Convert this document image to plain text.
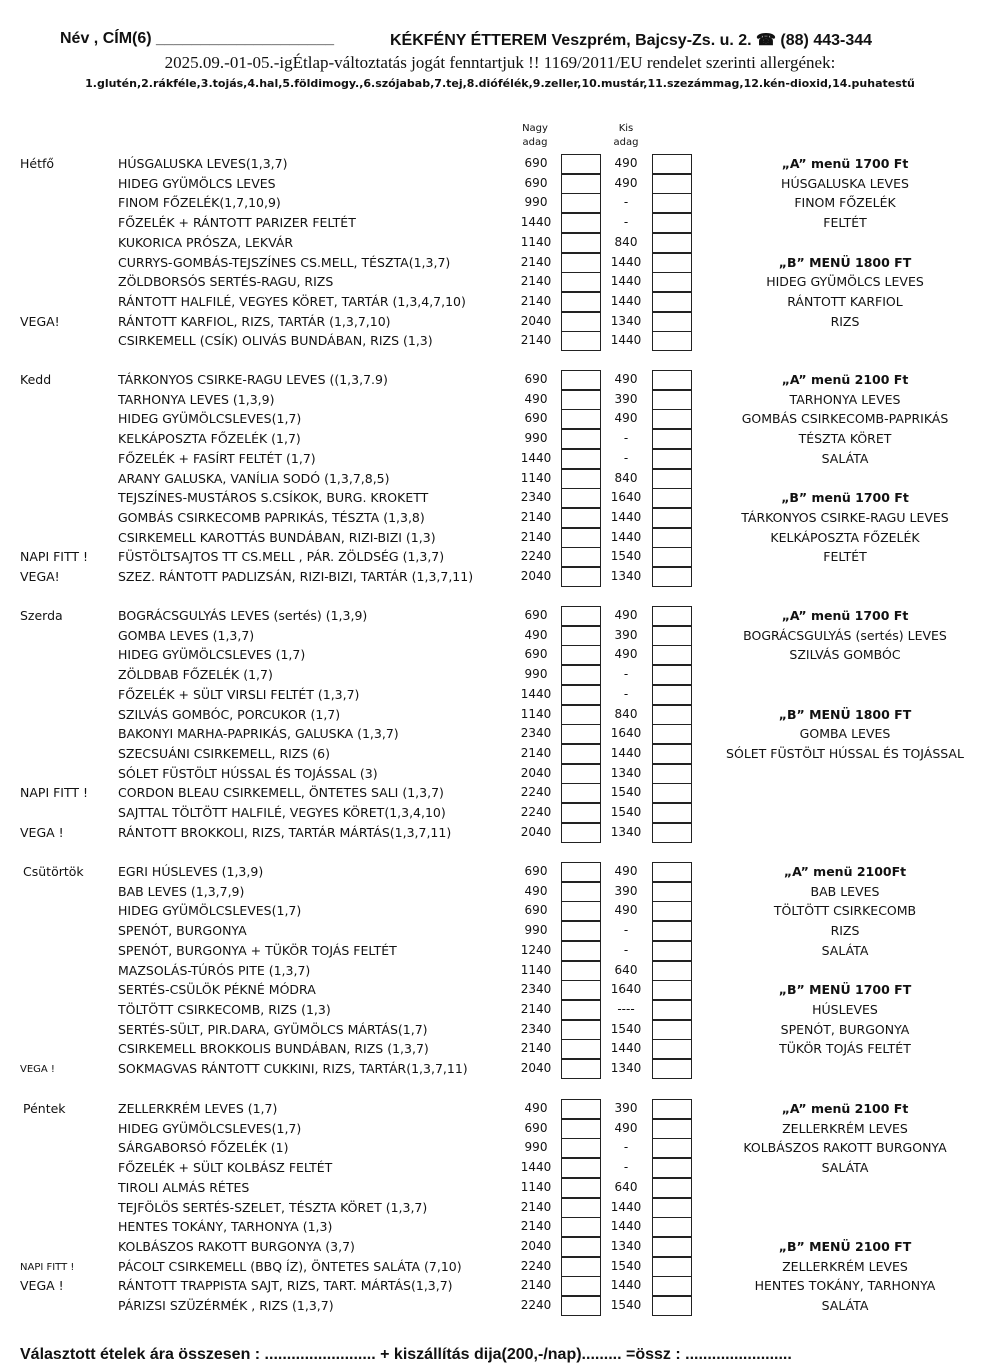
Név , CÍM(6) ____________________	KÉKFÉNY ÉTTEREM Veszprém, Bajcsy-Zs. u. 2. ☎ (88) 443-344
2025.09.-01-05.-igÉtlap-változtatás jogát fenntartjuk !! 1169/2011/EU rendelet szerinti allergének:
1.glutén,2.rákféle,3.tojás,4.hal,5.földimogy.,6.szójabab,7.tej,8.diófélék,9.zeller,10.mustár,11.szezámmag,12.kén-dioxid,14.puhatestű
Nagy adag
Kis adag
Hétfő	HÚSGALUSKA LEVES(1,3,7)	690	490
HIDEG GYÜMÖLCS LEVES	690	490
FINOM FŐZELÉK(1,7,10,9)	990	-
FŐZELÉK + RÁNTOTT PARIZER FELTÉT	1440	-
KUKORICA PRÓSZA, LEKVÁR	1140	840
CURRYS-GOMBÁS-TEJSZÍNES CS.MELL, TÉSZTA(1,3,7)	2140	1440
ZÖLDBORSÓS SERTÉS-RAGU, RIZS	2140	1440
RÁNTOTT HALFILÉ, VEGYES KÖRET, TARTÁR (1,3,4,7,10)	2140	1440
VEGA!	RÁNTOTT KARFIOL, RIZS, TARTÁR (1,3,7,10)	2040	1340
CSIRKEMELL (CSÍK) OLIVÁS BUNDÁBAN, RIZS (1,3)	2140	1440
„A” menü 1700 Ft
HÚSGALUSKA LEVES
FINOM FŐZELÉK
FELTÉT
„B” MENÜ 1800 FT
HIDEG GYÜMÖLCS LEVES
RÁNTOTT KARFIOL
RIZS
Kedd	TÁRKONYOS CSIRKE-RAGU LEVES ((1,3,7.9)	690	490
TARHONYA LEVES (1,3,9)	490	390
HIDEG GYÜMÖLCSLEVES(1,7)	690	490
KELKÁPOSZTA FŐZELÉK (1,7)	990	-
FŐZELÉK + FASÍRT FELTÉT (1,7)	1440	-
ARANY GALUSKA, VANÍLIA SODÓ (1,3,7,8,5)	1140	840
TEJSZÍNES-MUSTÁROS S.CSÍKOK, BURG. KROKETT	2340	1640
GOMBÁS CSIRKECOMB PAPRIKÁS, TÉSZTA (1,3,8)	2140	1440
CSIRKEMELL KAROTTÁS BUNDÁBAN, RIZI-BIZI (1,3)	2140	1440
NAPI FITT ! FÜSTÖLTSAJTOS TT CS.MELL , PÁR. ZÖLDSÉG (1,3,7)	2240	1540
VEGA!	SZEZ. RÁNTOTT PADLIZSÁN, RIZI-BIZI, TARTÁR (1,3,7,11)	2040	1340
„A” menü 2100 Ft
TARHONYA LEVES
GOMBÁS CSIRKECOMB-PAPRIKÁS
TÉSZTA KÖRET
SALÁTA
„B” menü 1700 Ft
TÁRKONYOS CSIRKE-RAGU LEVES
KELKÁPOSZTA FŐZELÉK
FELTÉT
Szerda	BOGRÁCSGULYÁS LEVES (sertés) (1,3,9)	690	490
GOMBA LEVES (1,3,7)	490	390
HIDEG GYÜMÖLCSLEVES (1,7)	690	490
ZÖLDBAB FŐZELÉK (1,7)	990	-
FŐZELÉK + SÜLT VIRSLI FELTÉT (1,3,7)	1440	-
SZILVÁS GOMBÓC, PORCUKOR (1,7)	1140	840
BAKONYI MARHA-PAPRIKÁS, GALUSKA (1,3,7)	2340	1640
SZECSUÁNI CSIRKEMELL, RIZS (6)	2140	1440
SÓLET FÜSTÖLT HÚSSAL ÉS TOJÁSSAL (3)	2040	1340
NAPI FITT ! CORDON BLEAU CSIRKEMELL, ÖNTETES SALI (1,3,7)	2240	1540
SAJTTAL TÖLTÖTT HALFILÉ, VEGYES KÖRET(1,3,4,10)	2240	1540
VEGA !	RÁNTOTT BROKKOLI, RIZS, TARTÁR MÁRTÁS(1,3,7,11)	2040	1340
„A” menü 1700 Ft
BOGRÁCSGULYÁS (sertés) LEVES
SZILVÁS GOMBÓC
„B” MENÜ 1800 FT
GOMBA LEVES
SÓLET FÜSTÖLT HÚSSAL ÉS TOJÁSSAL
Csütörtök	EGRI HÚSLEVES (1,3,9)	690	490
BAB LEVES (1,3,7,9)	490	390
HIDEG GYÜMÖLCSLEVES(1,7)	690	490
SPENÓT, BURGONYA	990	-
SPENÓT, BURGONYA + TÜKÖR TOJÁS FELTÉT	1240	-
MAZSOLÁS-TÚRÓS PITE (1,3,7)	1140	640
SERTÉS-CSÜLÖK PÉKNÉ MÓDRA	2340	1640
TÖLTÖTT CSIRKECOMB, RIZS (1,3)	2140	----
SERTÉS-SÜLT, PIR.DARA, GYÜMÖLCS MÁRTÁS(1,7)	2340	1540
CSIRKEMELL BROKKOLIS BUNDÁBAN, RIZS (1,3,7)	2140	1440
VEGA !	SOKMAGVAS RÁNTOTT CUKKINI, RIZS, TARTÁR(1,3,7,11)	2040	1340
„A” menü 2100Ft
BAB LEVES
TÖLTÖTT CSIRKECOMB
RIZS
SALÁTA
„B” MENÜ 1700 FT
HÚSLEVES
SPENÓT, BURGONYA
TÜKÖR TOJÁS FELTÉT
Péntek	ZELLERKRÉM LEVES (1,7)	490	390
HIDEG GYÜMÖLCSLEVES(1,7)	690	490
SÁRGABORSÓ FŐZELÉK (1)	990	-
FŐZELÉK + SÜLT KOLBÁSZ FELTÉT	1440	-
TIROLI ALMÁS RÉTES	1140	640
TEJFÖLÖS SERTÉS-SZELET, TÉSZTA KÖRET (1,3,7)	2140	1440
HENTES TOKÁNY, TARHONYA (1,3)	2140	1440
KOLBÁSZOS RAKOTT BURGONYA (3,7)	2040	1340
NAPI FITT !	PÁCOLT CSIRKEMELL (BBQ ÍZ), ÖNTETES SALÁTA (7,10)	2240	1540
VEGA !	RÁNTOTT TRAPPISTA SAJT, RIZS, TART. MÁRTÁS(1,3,7)	2140	1440
PÁRIZSI SZÜZÉRMÉK , RIZS (1,3,7)	2240	1540
„A” menü 2100 Ft
ZELLERKRÉM LEVES
KOLBÁSZOS RAKOTT BURGONYA
SALÁTA
„B” MENÜ 2100 FT
ZELLERKRÉM LEVES
HENTES TOKÁNY, TARHONYA
SALÁTA
Választott ételek ára összesen : ......................... + kiszállítás dija(200,-/nap)......... =össz : ........................
